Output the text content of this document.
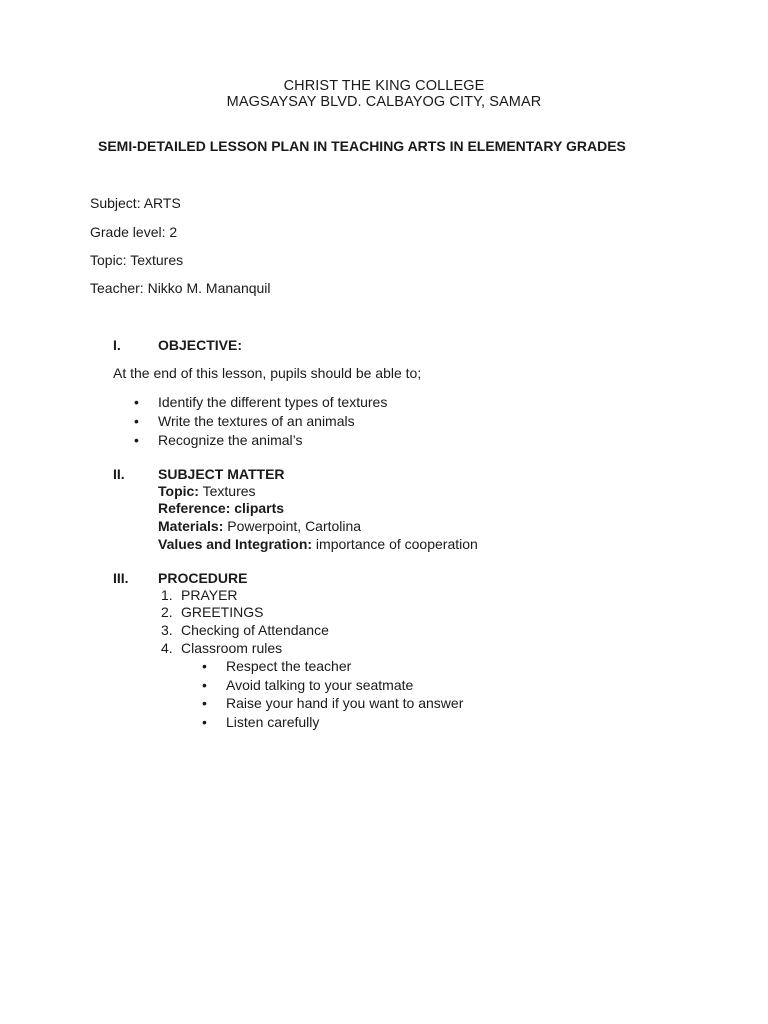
CHRIST THE KING COLLEGE
MAGSAYSAY BLVD. CALBAYOG CITY, SAMAR
SEMI-DETAILED LESSON PLAN IN TEACHING ARTS IN ELEMENTARY GRADES
Subject: ARTS
Grade level: 2
Topic: Textures
Teacher: Nikko M. Mananquil
I.	OBJECTIVE:
At the end of this lesson, pupils should be able to;
• Identify the different types of textures
• Write the textures of an animals
• Recognize the animal’s
II. SUBJECT MATTER
Topic: Textures
Reference: cliparts
Materials: Powerpoint, Cartolina
Values and Integration: importance of cooperation
III. PROCEDURE
1. PRAYER
2. GREETINGS
3. Checking of Attendance
4. Classroom rules
• Respect the teacher
• Avoid talking to your seatmate
• Raise your hand if you want to answer
• Listen carefully
